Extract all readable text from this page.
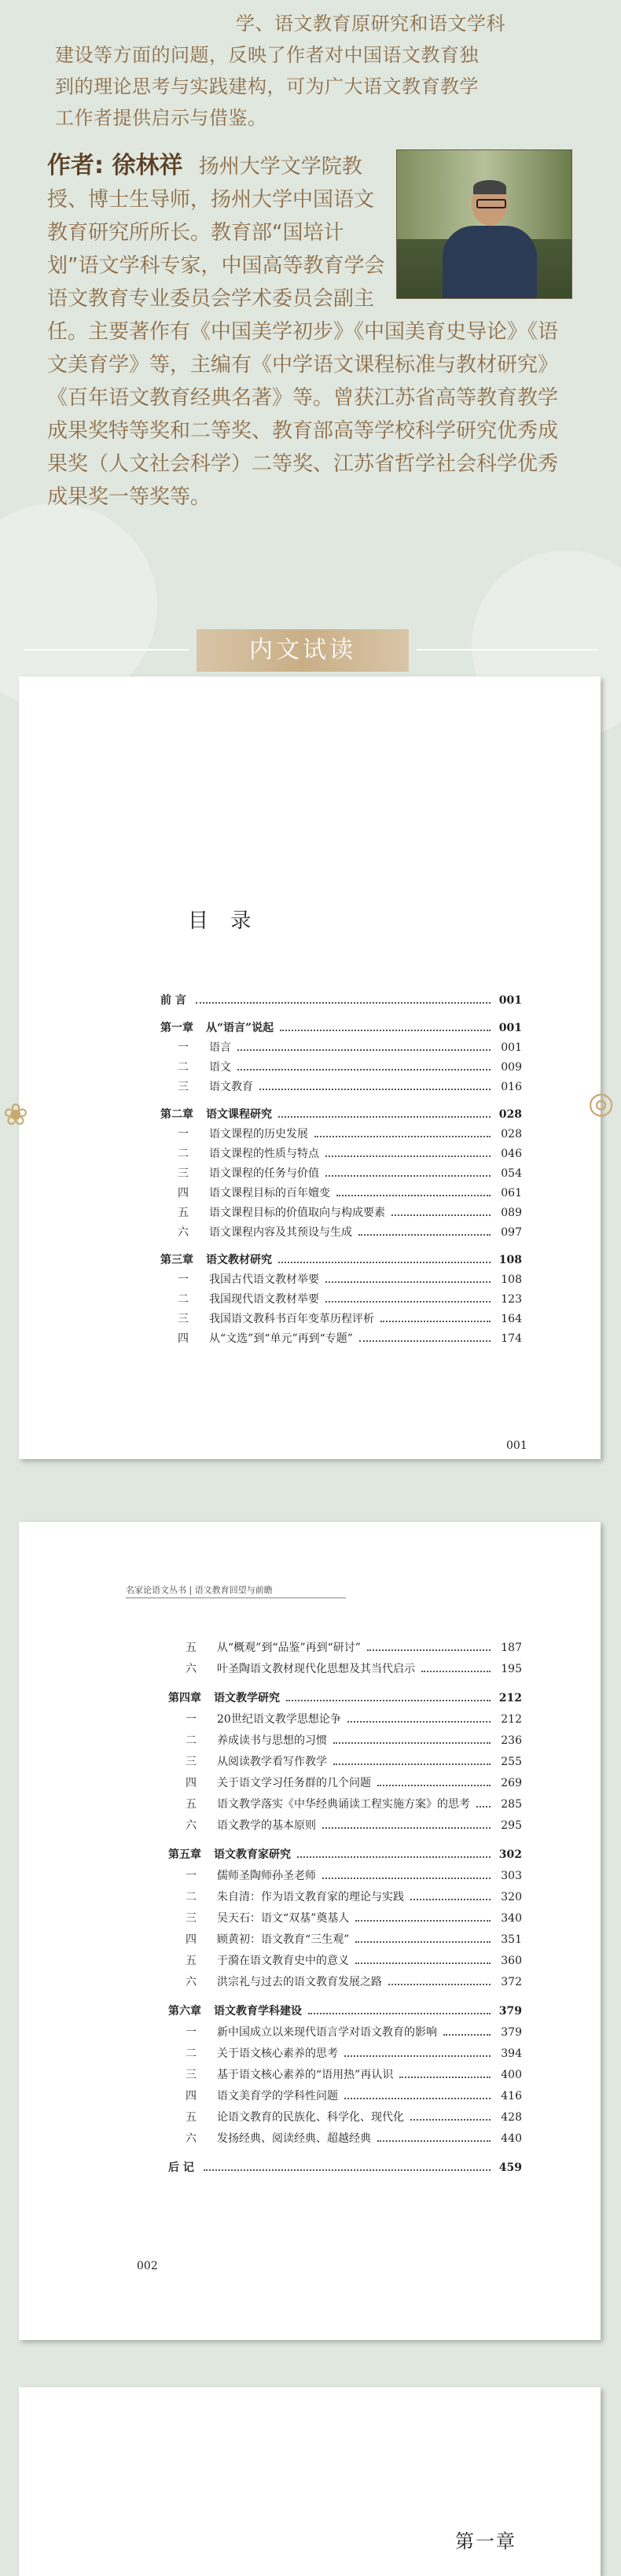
学、语文教育原研究和语文学科

建设等方面的问题，反映了作者对中国语文教育独

到的理论思考与实践建构，可为广大语文教育教学

工作者提供启示与借鉴。

作者: 徐林祥 扬州大学文学院教授、博士生导师，扬州大学中国语文教育研究所所长。教育部“国培计划”语文学科专家，中国高等教育学会语文教育专业委员会学术委员会副主任。主要著作有《中国美学初步》《中国美育史导论》《语文美育学》等，主编有《中学语文课程标准与教材研究》《百年语文教育经典名著》等。曾获江苏省高等教育教学成果奖特等奖和二等奖、教育部高等学校科学研究优秀成果奖（人文社会科学）二等奖、江苏省哲学社会科学优秀成果奖一等奖等。
内文试读
目 录
前 言	001
第一章 从“语言”说起	001
一 语言	001
二 语文	009
三 语文教育	016
第二章 语文课程研究	028
一 语文课程的历史发展	028
二 语文课程的性质与特点	046
三 语文课程的任务与价值	054
四 语文课程目标的百年嬗变	061
五 语文课程目标的价值取向与构成要素	089
六 语文课程内容及其预设与生成	097
第三章 语文教材研究	108
一 我国古代语文教材举要	108
二 我国现代语文教材举要	123
三 我国语文教科书百年变革历程评析	164
四 从“文选”到“单元”再到“专题”	174
001
❀	◎
名家论语文丛书 | 语文教育回望与前瞻
五 从“概观”到“品鉴”再到“研讨”	187
六 叶圣陶语文教材现代化思想及其当代启示	195
第四章 语文教学研究	212
一 20世纪语文教学思想论争	212
二 养成读书与思想的习惯	236
三 从阅读教学看写作教学	255
四 关于语文学习任务群的几个问题	269
五 语文教学落实《中华经典诵读工程实施方案》的思考	285
六 语文教学的基本原则	295
第五章 语文教育家研究	302
一 儒师圣陶师孙圣老师	303
二 朱自清：作为语文教育家的理论与实践	320
三 吴天石：语文“双基”奠基人	340
四 顾黄初：语文教育“三生观”	351
五 于漪在语文教育史中的意义	360
六 洪宗礼与过去的语文教育发展之路	372
第六章 语文教育学科建设	379
一 新中国成立以来现代语言学对语文教育的影响	379
二 关于语文核心素养的思考	394
三 基于语文核心素养的“语用热”再认识	400
四 语文美育学的学科性问题	416
五 论语文教育的民族化、科学化、现代化	428
六 发扬经典、阅读经典、超越经典	440
后 记	459
002
第一章
